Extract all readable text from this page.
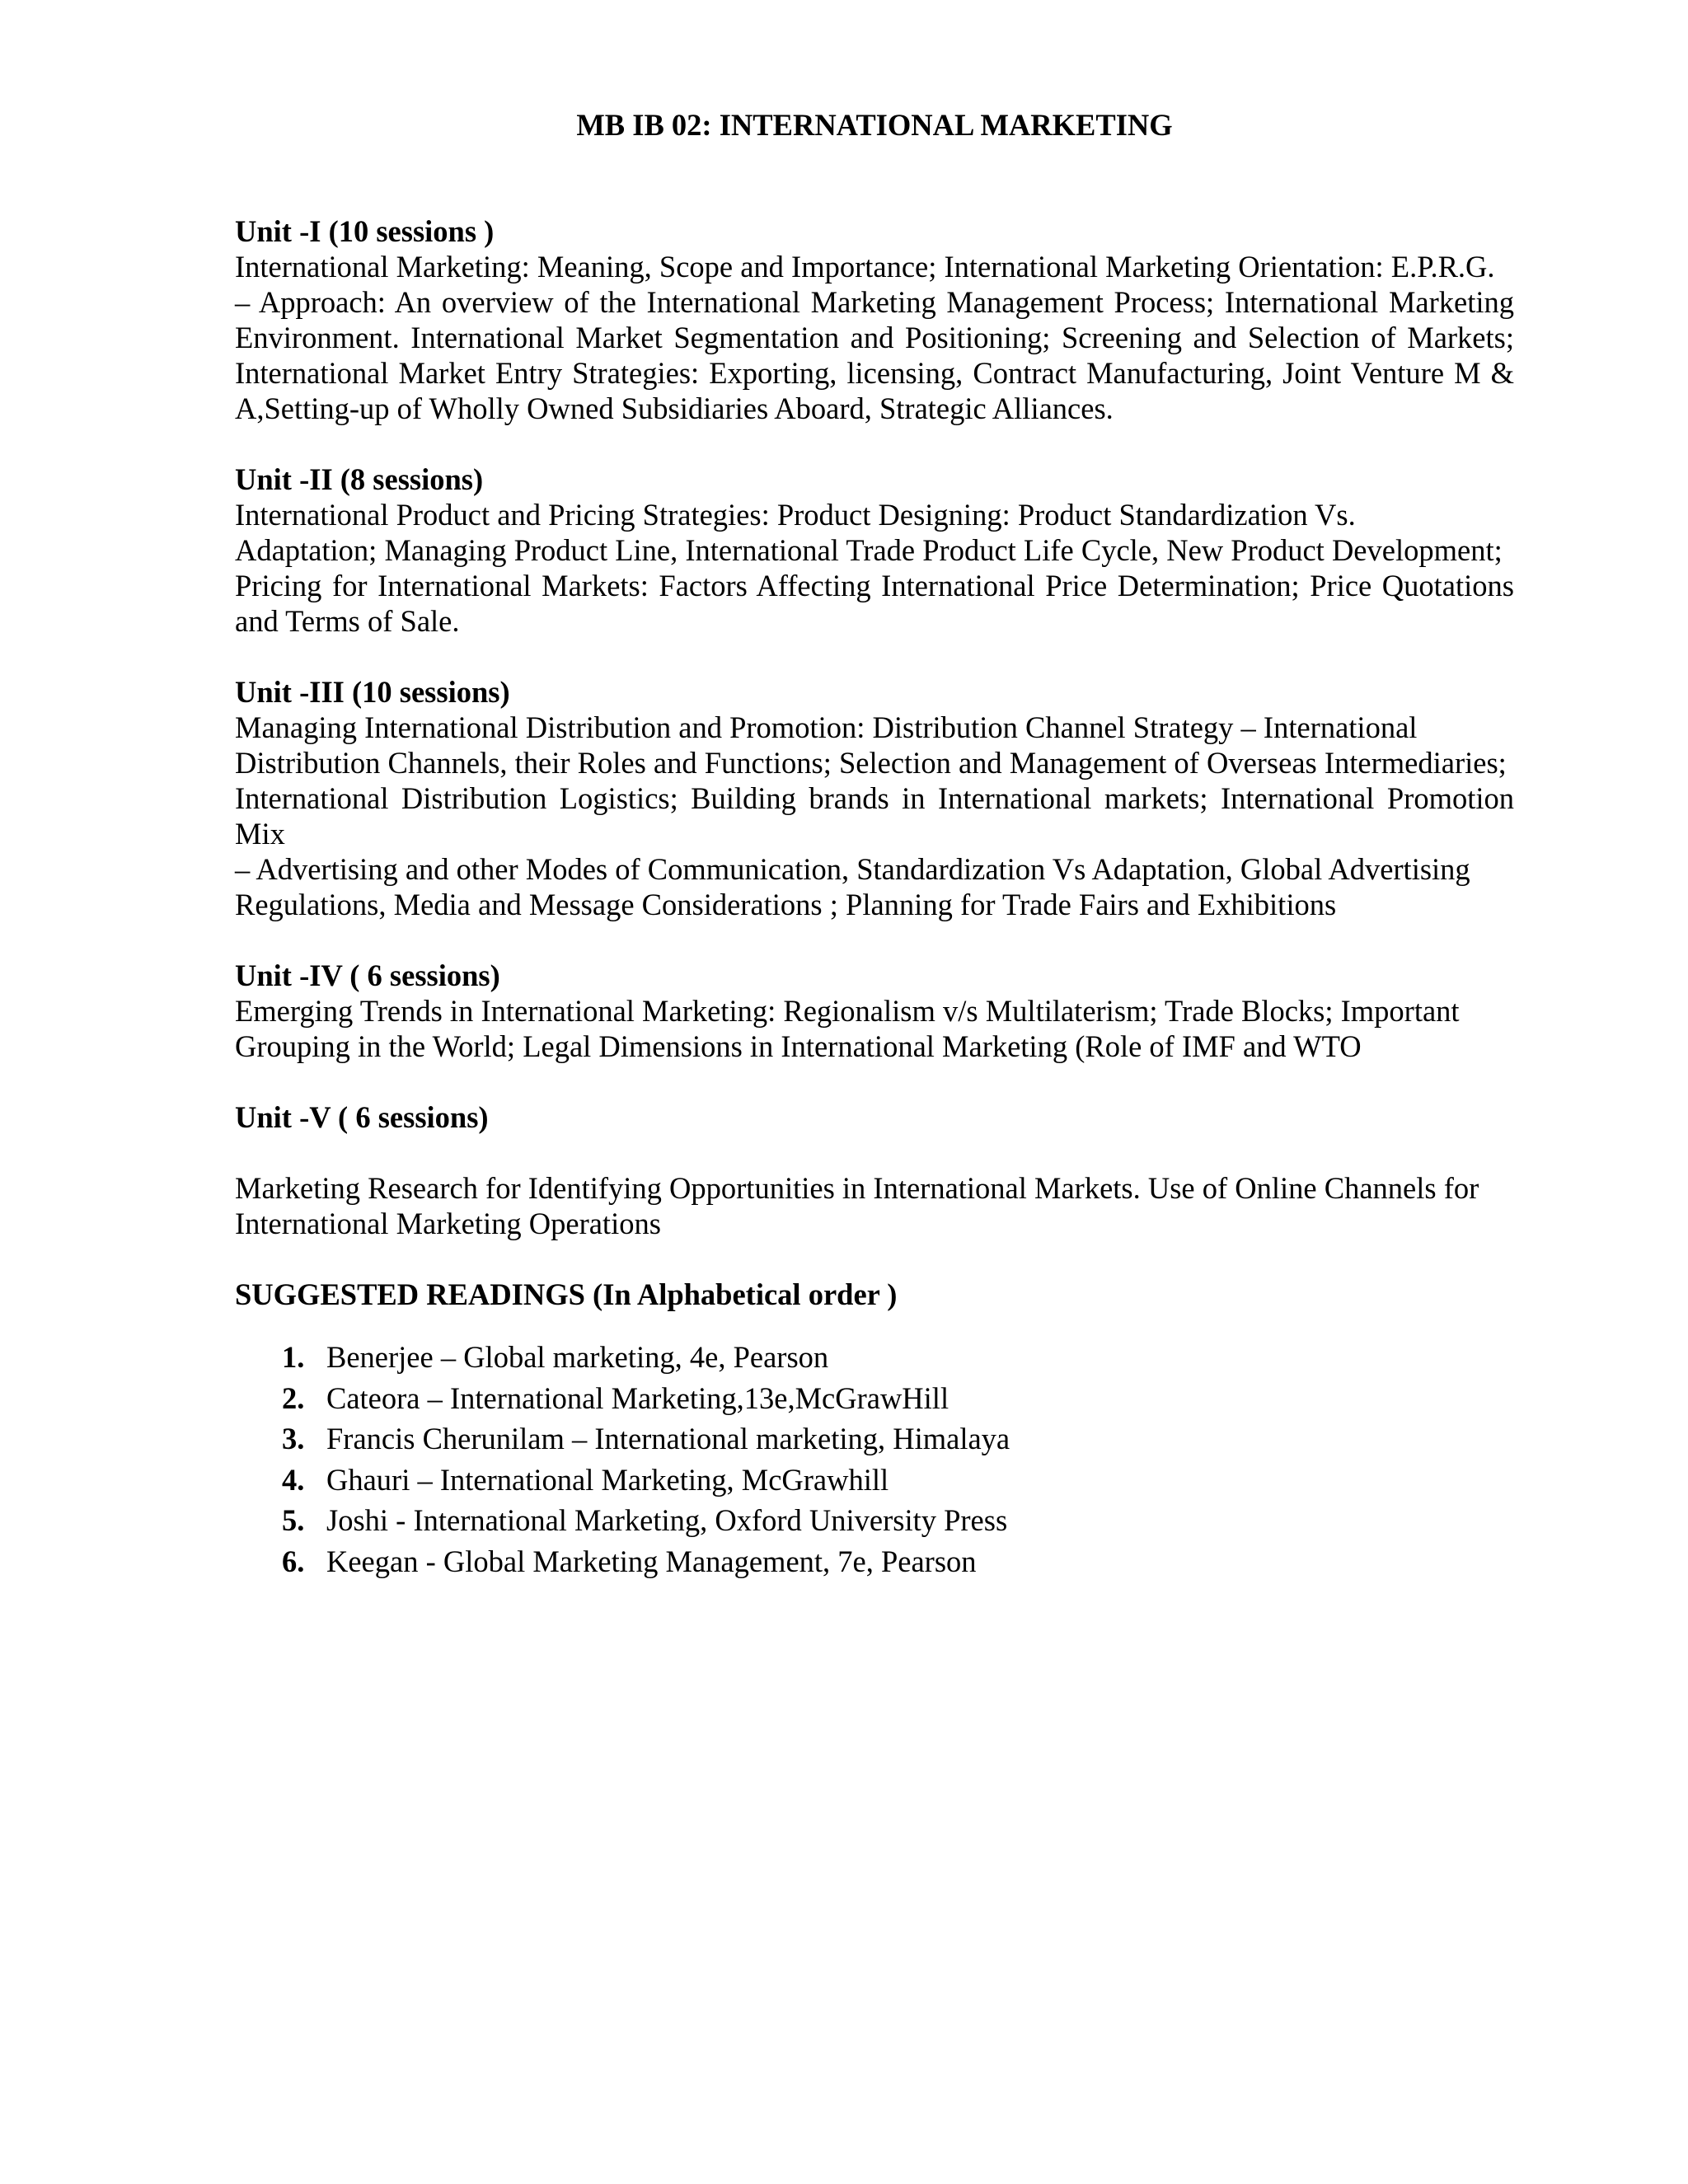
MB IB 02: INTERNATIONAL MARKETING
Unit -I (10 sessions )
International Marketing: Meaning, Scope and Importance; International Marketing Orientation: E.P.R.G.
– Approach: An overview of the International Marketing Management Process; International Marketing Environment. International Market Segmentation and Positioning; Screening and Selection of Markets; International Market Entry Strategies: Exporting, licensing, Contract Manufacturing, Joint Venture M & A,Setting-up of Wholly Owned Subsidiaries Aboard, Strategic Alliances.
Unit -II (8 sessions)
International Product and Pricing Strategies: Product Designing: Product Standardization Vs.
Adaptation; Managing Product Line, International Trade Product Life Cycle, New Product Development;
Pricing for International Markets: Factors Affecting International Price Determination; Price Quotations and Terms of Sale.
Unit -III (10 sessions)
Managing International Distribution and Promotion: Distribution Channel Strategy – International
Distribution Channels, their Roles and Functions; Selection and Management of Overseas Intermediaries;
International Distribution Logistics; Building brands in International markets; International Promotion Mix
– Advertising and other Modes of Communication, Standardization Vs Adaptation, Global Advertising
Regulations, Media and Message Considerations ; Planning for Trade Fairs and Exhibitions
Unit -IV ( 6 sessions)
Emerging Trends in International Marketing: Regionalism v/s Multilaterism; Trade Blocks; Important Grouping in the World; Legal Dimensions in International Marketing (Role of IMF and WTO
Unit -V ( 6 sessions)
Marketing Research for Identifying Opportunities in International Markets. Use of Online Channels for International Marketing Operations
SUGGESTED READINGS (In Alphabetical order )
1. Benerjee – Global marketing, 4e, Pearson
2. Cateora – International Marketing,13e,McGrawHill
3. Francis Cherunilam – International marketing, Himalaya
4. Ghauri – International Marketing, McGrawhill
5. Joshi - International Marketing, Oxford University Press
6. Keegan - Global Marketing Management, 7e, Pearson
